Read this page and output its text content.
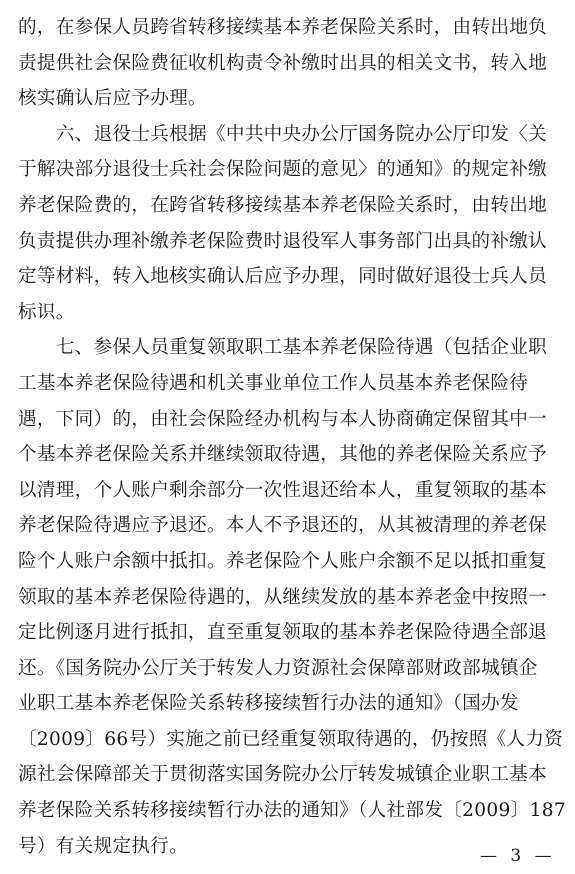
的，在参保人员跨省转移接续基本养老保险关系时，由转出地负
责提供社会保险费征收机构责令补缴时出具的相关文书，转入地
核实确认后应予办理。
　　六、退役士兵根据《中共中央办公厅国务院办公厅印发〈关
于解决部分退役士兵社会保险问题的意见〉的通知》的规定补缴
养老保险费的，在跨省转移接续基本养老保险关系时，由转出地
负责提供办理补缴养老保险费时退役军人事务部门出具的补缴认
定等材料，转入地核实确认后应予办理，同时做好退役士兵人员
标识。
　　七、参保人员重复领取职工基本养老保险待遇（包括企业职
工基本养老保险待遇和机关事业单位工作人员基本养老保险待
遇，下同）的，由社会保险经办机构与本人协商确定保留其中一
个基本养老保险关系并继续领取待遇，其他的养老保险关系应予
以清理，个人账户剩余部分一次性退还给本人，重复领取的基本
养老保险待遇应予退还。本人不予退还的，从其被清理的养老保
险个人账户余额中抵扣。养老保险个人账户余额不足以抵扣重复
领取的基本养老保险待遇的，从继续发放的基本养老金中按照一
定比例逐月进行抵扣，直至重复领取的基本养老保险待遇全部退
还。《国务院办公厅关于转发人力资源社会保障部财政部城镇企
业职工基本养老保险关系转移接续暂行办法的通知》（国办发
〔2009〕66号）实施之前已经重复领取待遇的，仍按照《人力资
源社会保障部关于贯彻落实国务院办公厅转发城镇企业职工基本
养老保险关系转移接续暂行办法的通知》（人社部发〔2009〕187
号）有关规定执行。	— 3 —
